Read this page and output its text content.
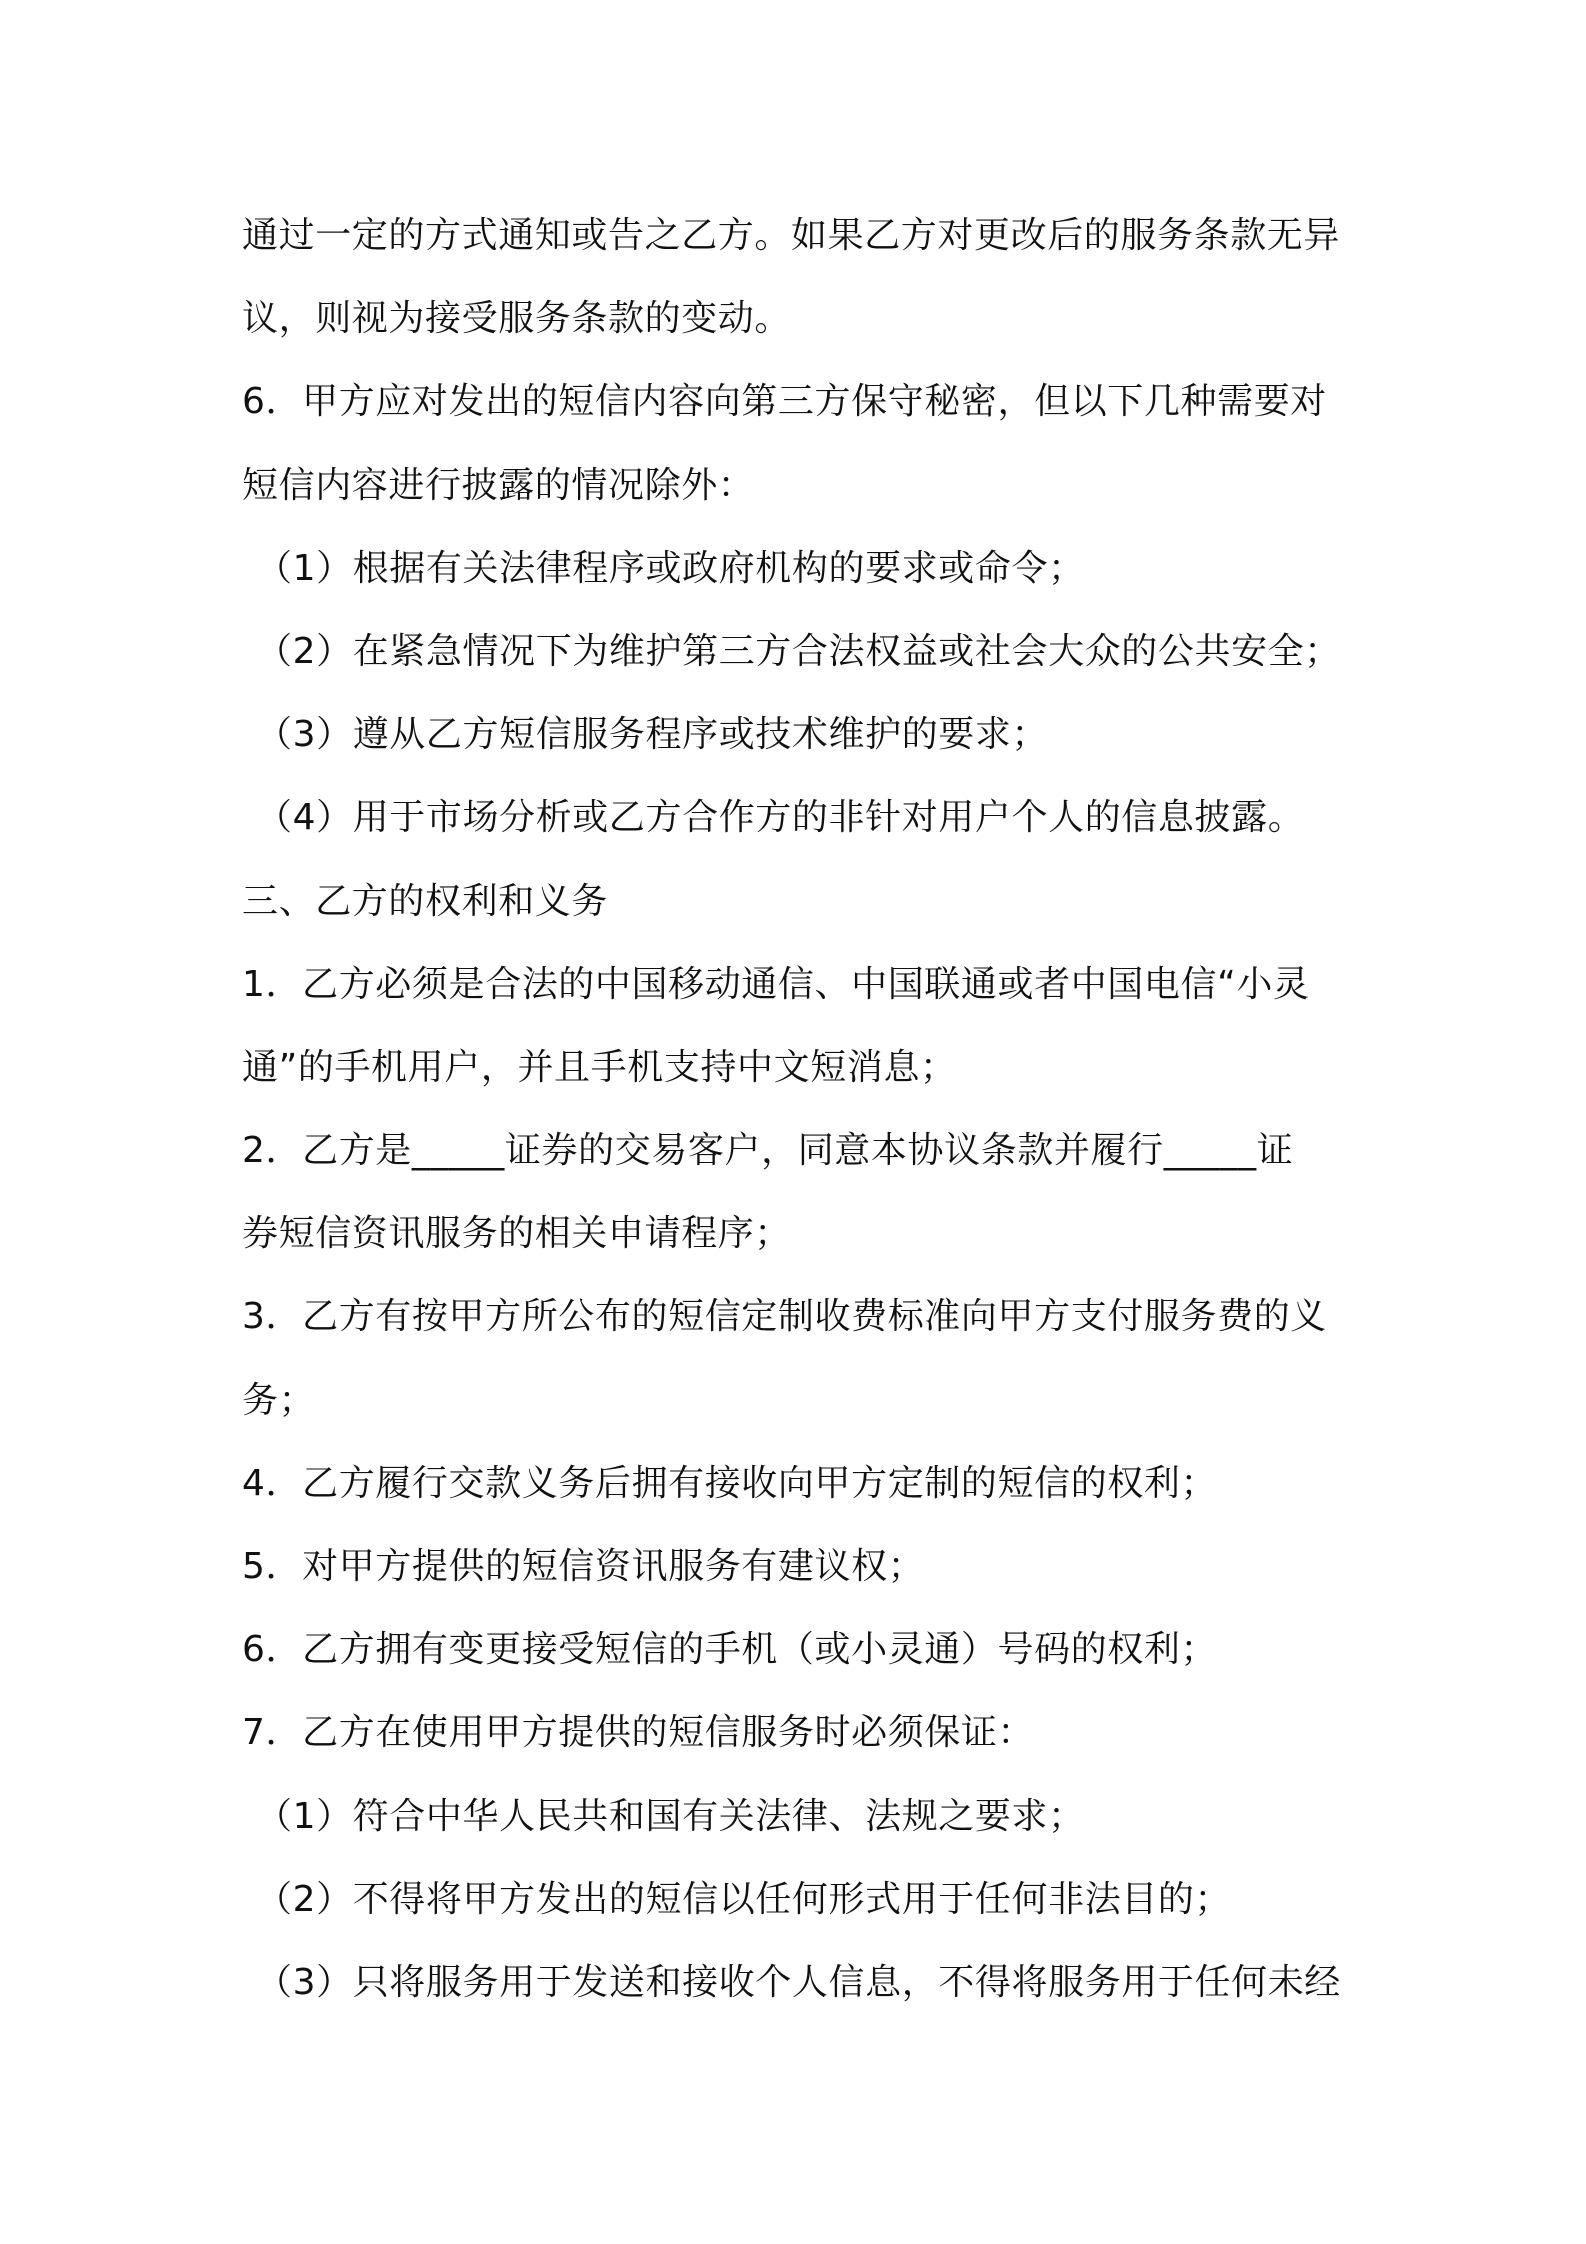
通过一定的方式通知或告之乙方。如果乙方对更改后的服务条款无异
议，则视为接受服务条款的变动。
6．甲方应对发出的短信内容向第三方保守秘密，但以下几种需要对
短信内容进行披露的情况除外：
（1）根据有关法律程序或政府机构的要求或命令；
（2）在紧急情况下为维护第三方合法权益或社会大众的公共安全；
（3）遵从乙方短信服务程序或技术维护的要求；
（4）用于市场分析或乙方合作方的非针对用户个人的信息披露。
三、乙方的权利和义务
1．乙方必须是合法的中国移动通信、中国联通或者中国电信“小灵
通”的手机用户，并且手机支持中文短消息；
2．乙方是_____证券的交易客户，同意本协议条款并履行_____证
券短信资讯服务的相关申请程序；
3．乙方有按甲方所公布的短信定制收费标准向甲方支付服务费的义
务；
4．乙方履行交款义务后拥有接收向甲方定制的短信的权利；
5．对甲方提供的短信资讯服务有建议权；
6．乙方拥有变更接受短信的手机（或小灵通）号码的权利；
7．乙方在使用甲方提供的短信服务时必须保证：
（1）符合中华人民共和国有关法律、法规之要求；
（2）不得将甲方发出的短信以任何形式用于任何非法目的；
（3）只将服务用于发送和接收个人信息，不得将服务用于任何未经
